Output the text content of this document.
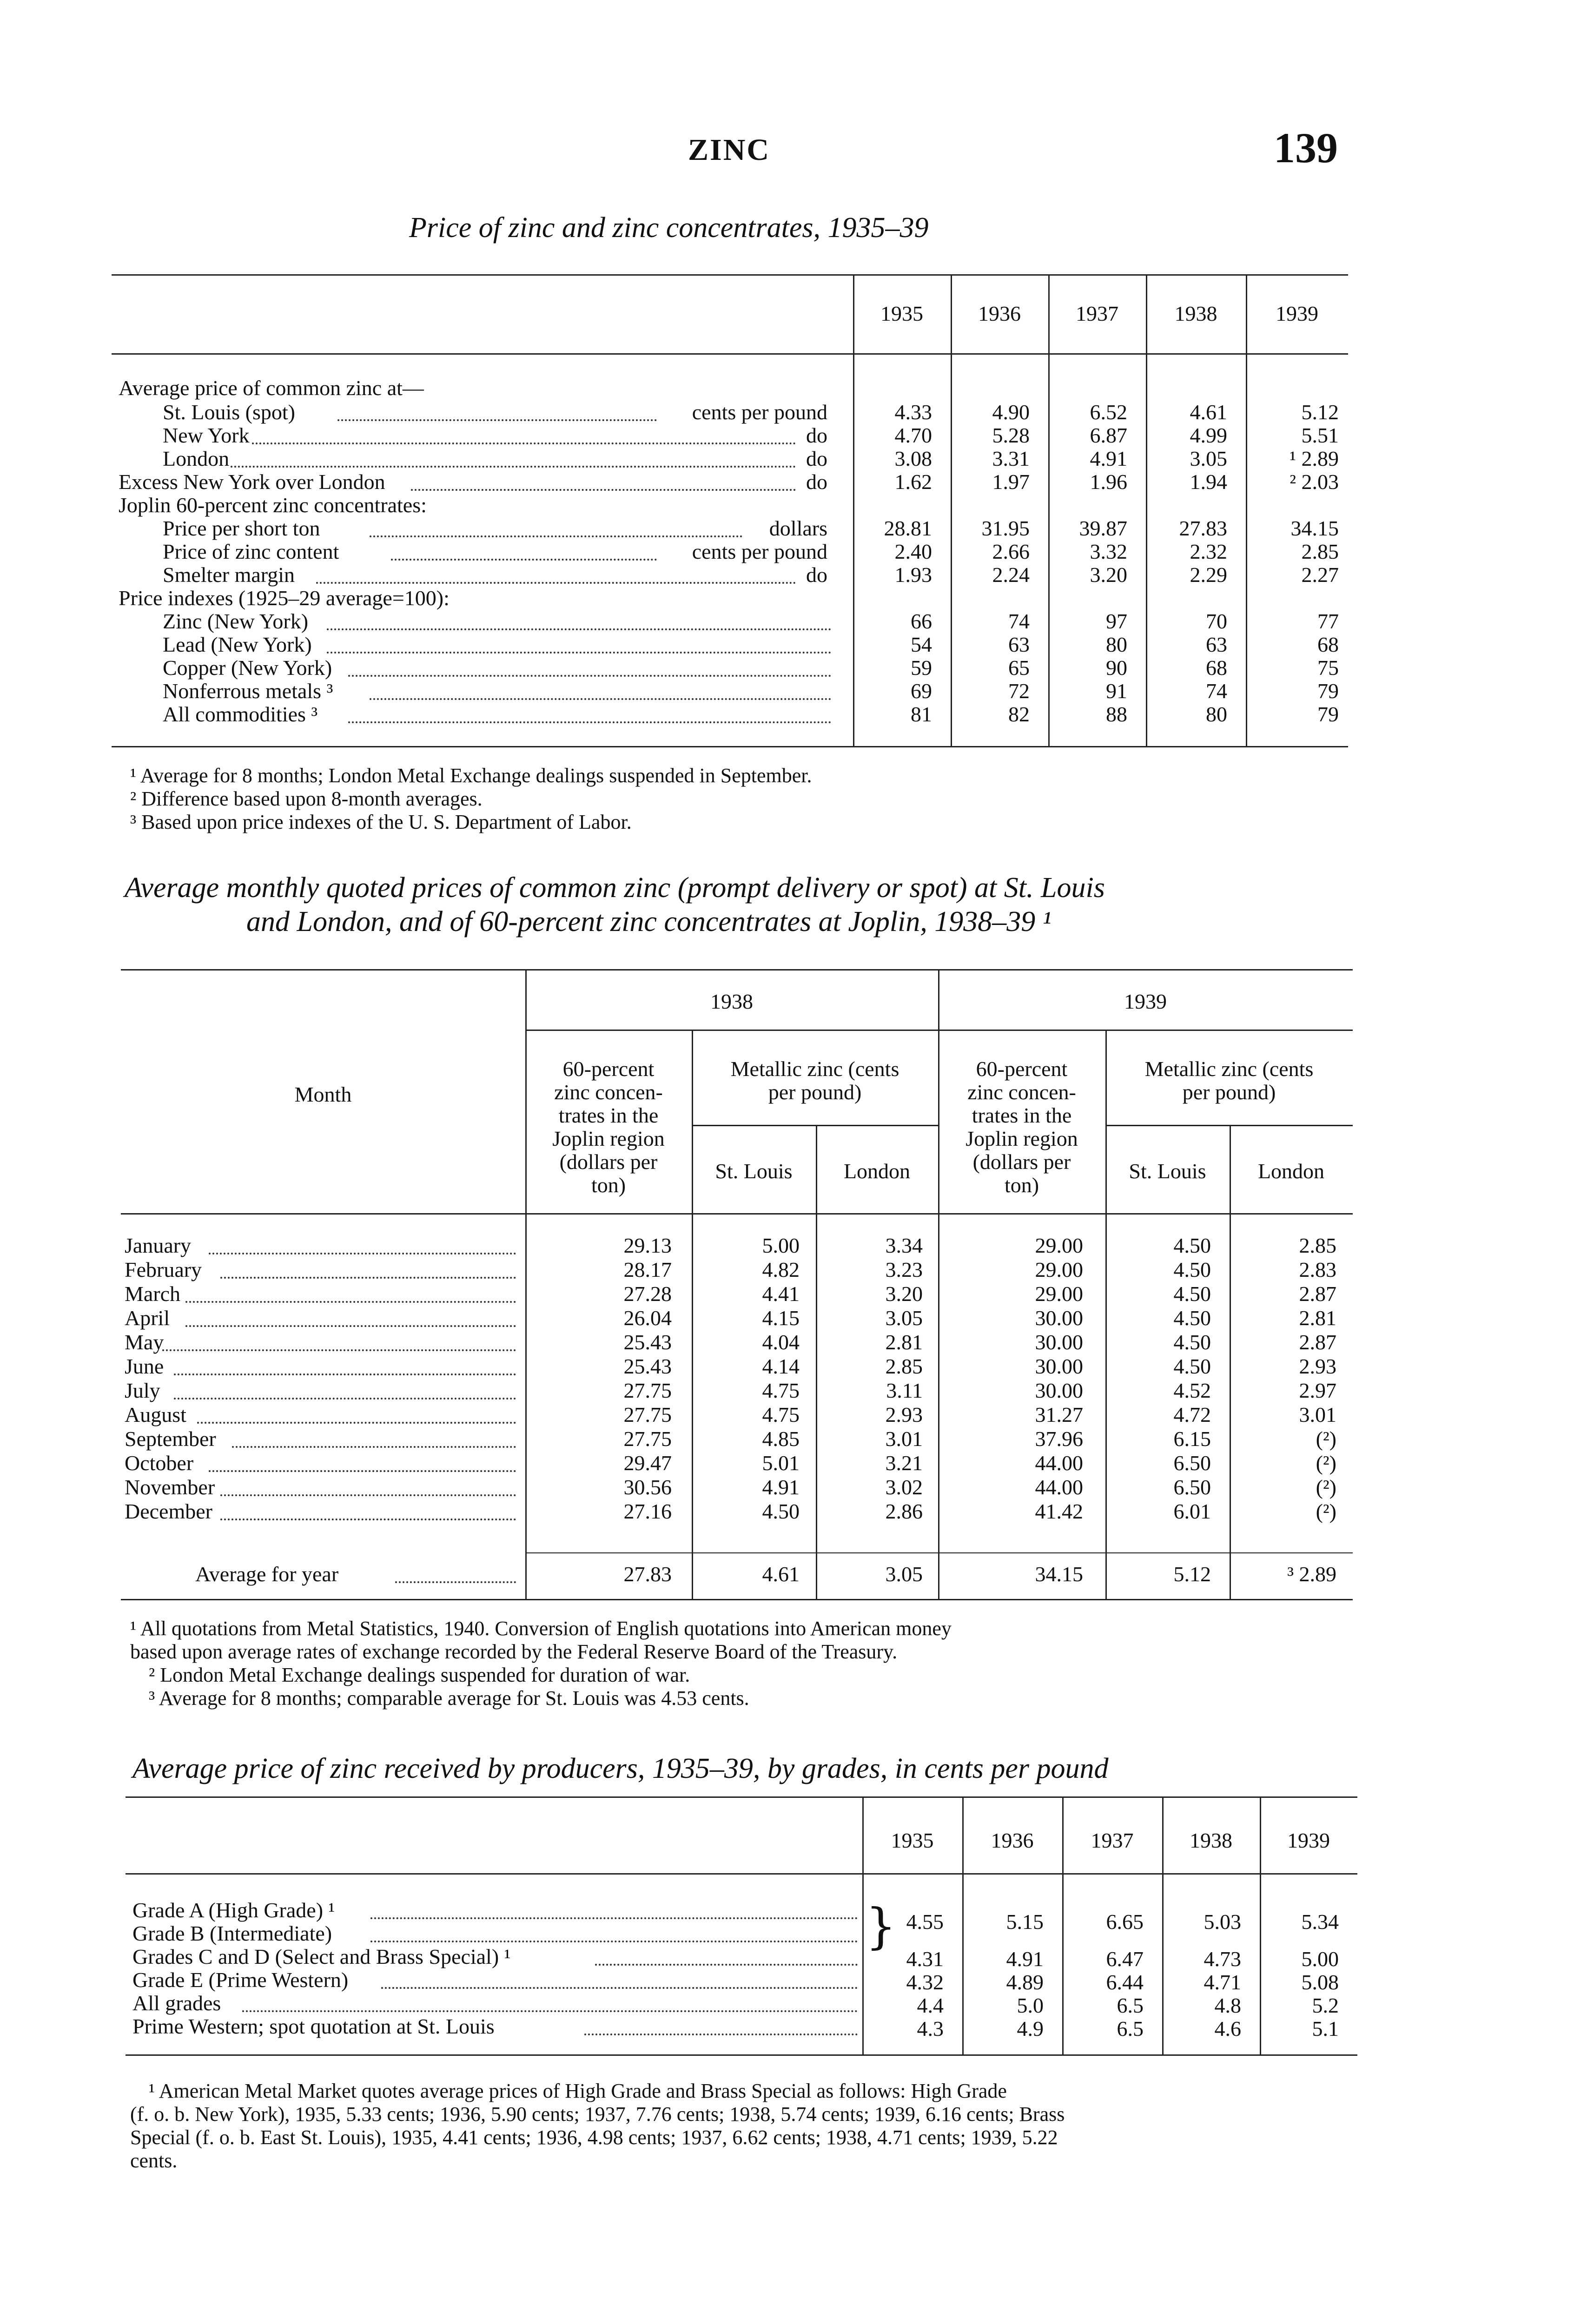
ZINC	139
Price of zinc and zinc concentrates, 1935–39
1935	1936	1937	1938	1939
Average price of common zinc at—
St. Louis (spot)	cents per pound	4.33	4.90	6.52	4.61	5.12
New York	do	4.70	5.28	6.87	4.99	5.51
London	do	3.08	3.31	4.91	3.05	¹ 2.89
Excess New York over London	do	1.62	1.97	1.96	1.94	² 2.03
Joplin 60-percent zinc concentrates:
Price per short ton	dollars	28.81 31.95 39.87 27.83	34.15
Price of zinc content	cents per pound	2.40	2.66	3.32	2.32	2.85
Smelter margin	do	1.93	2.24	3.20	2.29	2.27
Price indexes (1925–29 average=100):
Zinc (New York)	66	74	97	70	77
Lead (New York)	54	63	80	63	68
Copper (New York)	59	65	90	68	75
Nonferrous metals ³	69	72	91	74	79
All commodities ³	81	82	88	80	79
¹ Average for 8 months; London Metal Exchange dealings suspended in September.
² Difference based upon 8-month averages.
³ Based upon price indexes of the U. S. Department of Labor.
Average monthly quoted prices of common zinc (prompt delivery or spot) at St. Louis
and London, and of 60-percent zinc concentrates at Joplin, 1938–39 ¹
Month
1938	1939
60-percent
zinc concen-
trates in the
Joplin region
(dollars per
ton)
60-percent
zinc concen-
trates in the
Joplin region
(dollars per
ton)
Metallic zinc (cents
per pound)
Metallic zinc (cents
per pound)
St. Louis	London	St. Louis	London
January	29.13	5.00	3.34	29.00	4.50	2.85
February	28.17	4.82	3.23	29.00	4.50	2.83
March	27.28	4.41	3.20	29.00	4.50	2.87
April	26.04	4.15	3.05	30.00	4.50	2.81
May	25.43	4.04	2.81	30.00	4.50	2.87
June	25.43	4.14	2.85	30.00	4.50	2.93
July	27.75	4.75	3.11	30.00	4.52	2.97
August	27.75	4.75	2.93	31.27	4.72	3.01
September	27.75	4.85	3.01	37.96	6.15	(²)
October	29.47	5.01	3.21	44.00	6.50	(²)
November	30.56	4.91	3.02	44.00	6.50	(²)
December	27.16	4.50	2.86	41.42	6.01	(²)
Average for year	27.83	4.61	3.05	34.15	5.12	³ 2.89
¹ All quotations from Metal Statistics, 1940. Conversion of English quotations into American money
based upon average rates of exchange recorded by the Federal Reserve Board of the Treasury.
² London Metal Exchange dealings suspended for duration of war.
³ Average for 8 months; comparable average for St. Louis was 4.53 cents.
Average price of zinc received by producers, 1935–39, by grades, in cents per pound
1935	1936	1937	1938	1939
}
Grade A (High Grade) ¹	4.55	5.15	6.65	5.03	5.34
Grade B (Intermediate)
Grades C and D (Select and Brass Special) ¹	4.31	4.91	6.47	4.73	5.00
Grade E (Prime Western)	4.32	4.89	6.44	4.71	5.08
All grades	4.4	5.0	6.5	4.8	5.2
Prime Western; spot quotation at St. Louis	4.3	4.9	6.5	4.6	5.1
¹ American Metal Market quotes average prices of High Grade and Brass Special as follows: High Grade
(f. o. b. New York), 1935, 5.33 cents; 1936, 5.90 cents; 1937, 7.76 cents; 1938, 5.74 cents; 1939, 6.16 cents; Brass
Special (f. o. b. East St. Louis), 1935, 4.41 cents; 1936, 4.98 cents; 1937, 6.62 cents; 1938, 4.71 cents; 1939, 5.22
cents.
